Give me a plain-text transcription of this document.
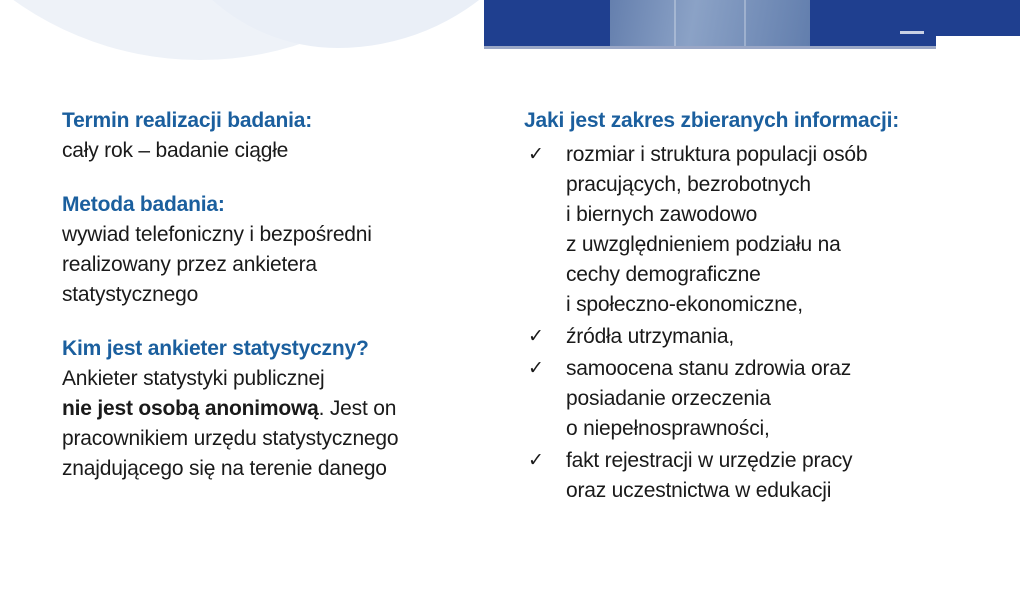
Termin realizacji badania:

cały rok – badanie ciągłe

Metoda badania:

wywiad telefoniczny i bezpośredni

realizowany przez ankietera

statystycznego

Kim jest ankieter statystyczny?

Ankieter statystyki publicznej

nie jest osobą anonimową. Jest on

pracownikiem urzędu statystycznego

znajdującego się na terenie danego

Jaki jest zakres zbieranych informacji:
✓ rozmiar i struktura populacji osób
pracujących, bezrobotnych
i biernych zawodowo
z uwzględnieniem podziału na
cechy demograficzne
i społeczno-ekonomiczne,
✓ źródła utrzymania,
✓ samoocena stanu zdrowia oraz
posiadanie orzeczenia
o niepełnosprawności,
✓ fakt rejestracji w urzędzie pracy
oraz uczestnictwa w edukacji
